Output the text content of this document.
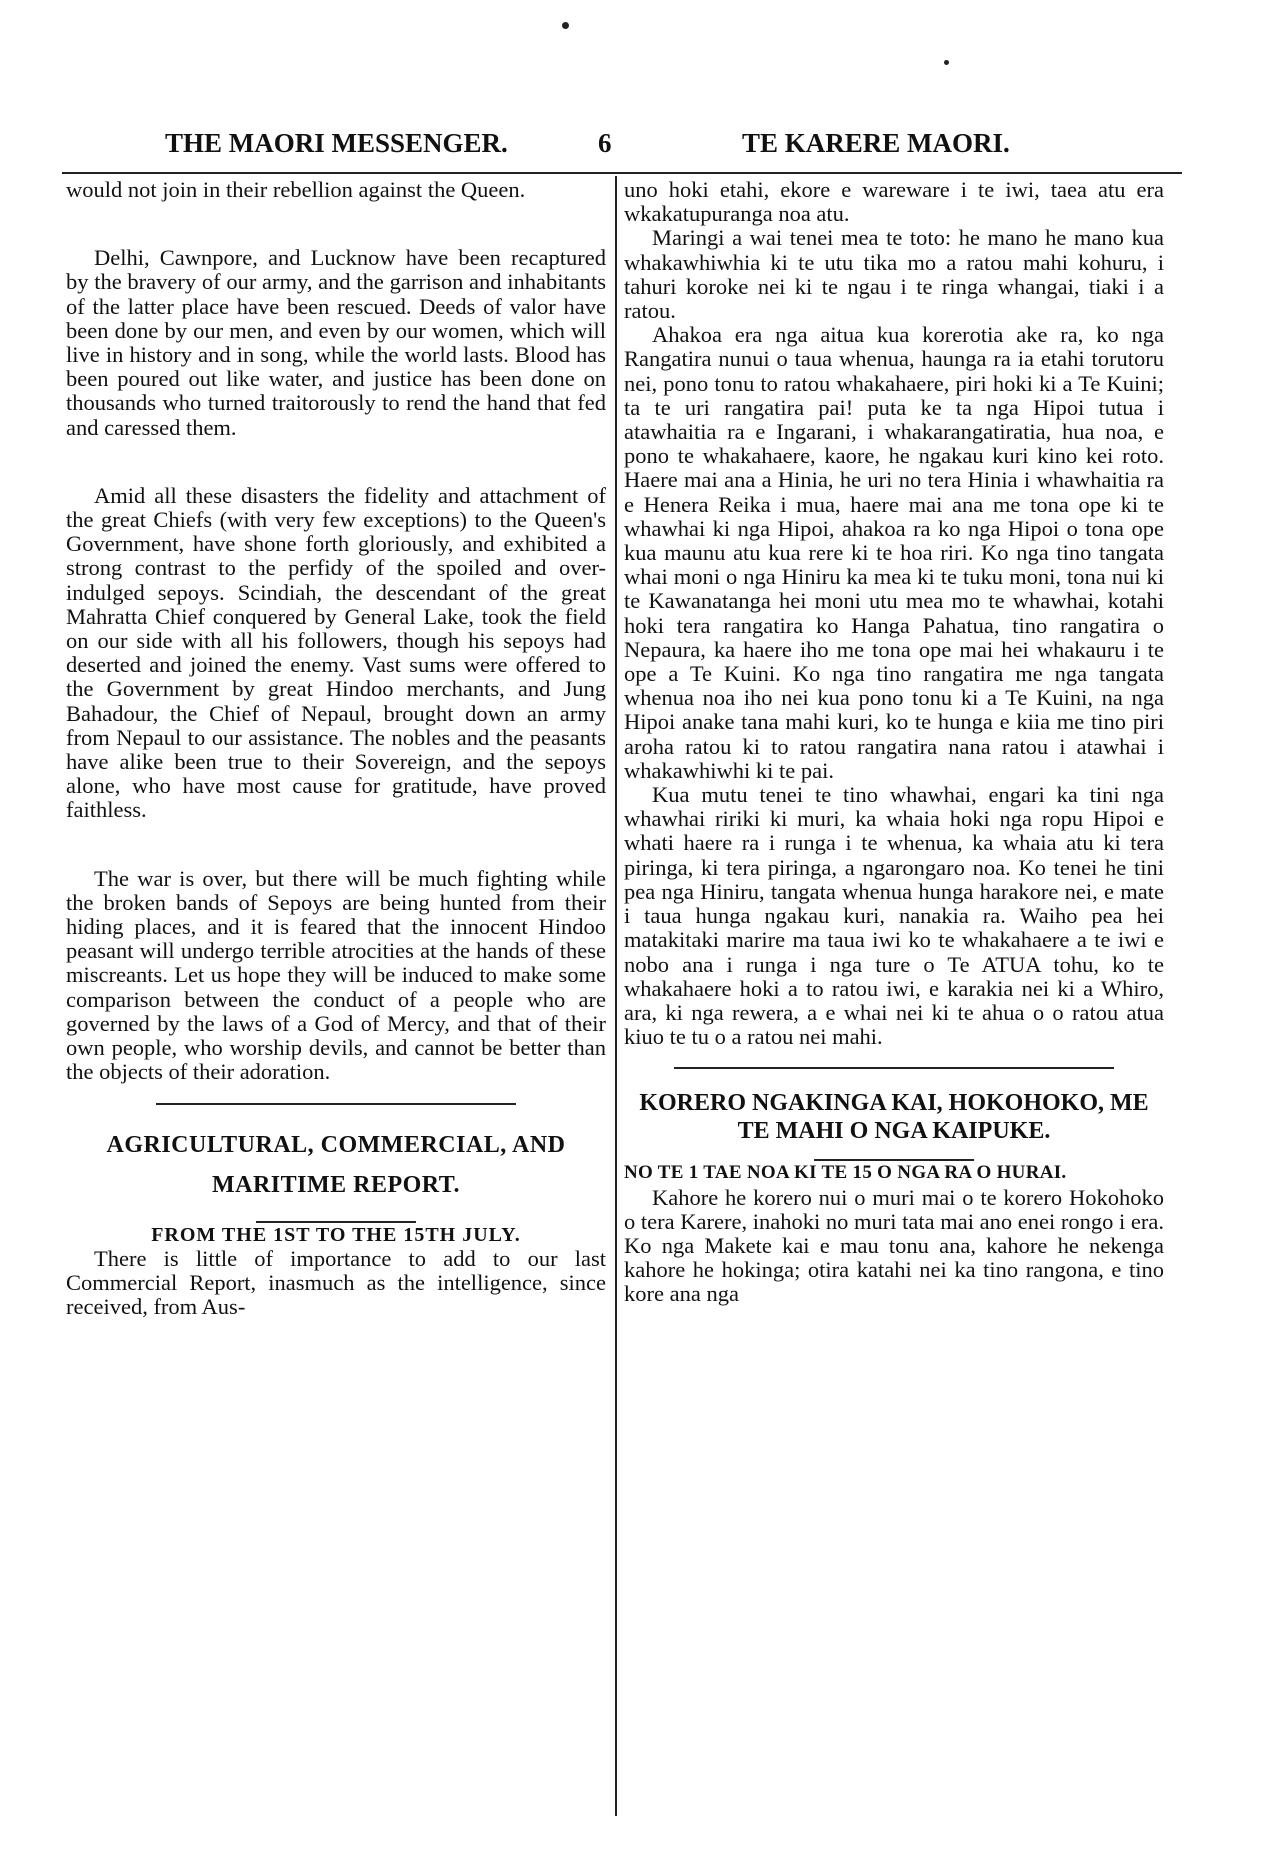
THE MAORI MESSENGER.	6	TE KARERE MAORI.

would not join in their rebellion against the Queen.

Delhi, Cawnpore, and Lucknow have been recaptured by the bravery of our army, and the garrison and inhabitants of the latter place have been rescued. Deeds of valor have been done by our men, and even by our women, which will live in history and in song, while the world lasts. Blood has been poured out like water, and justice has been done on thousands who turned traitorously to rend the hand that fed and caressed them.

Amid all these disasters the fidelity and attachment of the great Chiefs (with very few exceptions) to the Queen's Government, have shone forth gloriously, and exhibited a strong contrast to the perfidy of the spoiled and over-indulged sepoys. Scindiah, the descendant of the great Mahratta Chief conquered by General Lake, took the field on our side with all his followers, though his sepoys had deserted and joined the enemy. Vast sums were offered to the Government by great Hindoo merchants, and Jung Bahadour, the Chief of Nepaul, brought down an army from Nepaul to our assistance. The nobles and the peasants have alike been true to their Sovereign, and the sepoys alone, who have most cause for gratitude, have proved faithless.

The war is over, but there will be much fighting while the broken bands of Sepoys are being hunted from their hiding places, and it is feared that the innocent Hindoo peasant will undergo terrible atrocities at the hands of these miscreants. Let us hope they will be induced to make some comparison between the conduct of a people who are governed by the laws of a God of Mercy, and that of their own people, who worship devils, and cannot be better than the objects of their adoration.

AGRICULTURAL, COMMERCIAL, AND MARITIME REPORT.

FROM THE 1ST TO THE 15TH JULY.

There is little of importance to add to our last Commercial Report, inasmuch as the intelligence, since received, from Aus-

uno hoki etahi, ekore e wareware i te iwi, taea atu era wkakatupuranga noa atu.

Maringi a wai tenei mea te toto: he mano he mano kua whakawhiwhia ki te utu tika mo a ratou mahi kohuru, i tahuri koroke nei ki te ngau i te ringa whangai, tiaki i a ratou.

Ahakoa era nga aitua kua korerotia ake ra, ko nga Rangatira nunui o taua whenua, haunga ra ia etahi torutoru nei, pono tonu to ratou whakahaere, piri hoki ki a Te Kuini; ta te uri rangatira pai! puta ke ta nga Hipoi tutua i atawhaitia ra e Ingarani, i whakarangatiratia, hua noa, e pono te whakahaere, kaore, he ngakau kuri kino kei roto. Haere mai ana a Hinia, he uri no tera Hinia i whawhaitia ra e Henera Reika i mua, haere mai ana me tona ope ki te whawhai ki nga Hipoi, ahakoa ra ko nga Hipoi o tona ope kua maunu atu kua rere ki te hoa riri. Ko nga tino tangata whai moni o nga Hiniru ka mea ki te tuku moni, tona nui ki te Kawanatanga hei moni utu mea mo te whawhai, kotahi hoki tera rangatira ko Hanga Pahatua, tino rangatira o Nepaura, ka haere iho me tona ope mai hei whakauru i te ope a Te Kuini. Ko nga tino rangatira me nga tangata whenua noa iho nei kua pono tonu ki a Te Kuini, na nga Hipoi anake tana mahi kuri, ko te hunga e kiia me tino piri aroha ratou ki to ratou rangatira nana ratou i atawhai i whakawhiwhi ki te pai.

Kua mutu tenei te tino whawhai, engari ka tini nga whawhai ririki ki muri, ka whaia hoki nga ropu Hipoi e whati haere ra i runga i te whenua, ka whaia atu ki tera piringa, ki tera piringa, a ngarongaro noa. Ko tenei he tini pea nga Hiniru, tangata whenua hunga harakore nei, e mate i taua hunga ngakau kuri, nanakia ra. Waiho pea hei matakitaki marire ma taua iwi ko te whakahaere a te iwi e nobo ana i runga i nga ture o Te ATUA tohu, ko te whakahaere hoki a to ratou iwi, e karakia nei ki a Whiro, ara, ki nga rewera, a e whai nei ki te ahua o o ratou atua kiuo te tu o a ratou nei mahi.

KORERO NGAKINGA KAI, HOKOHOKO, ME TE MAHI O NGA KAIPUKE.

NO TE 1 TAE NOA KI TE 15 O NGA RA O HURAI.

Kahore he korero nui o muri mai o te korero Hokohoko o tera Karere, inahoki no muri tata mai ano enei rongo i era. Ko nga Makete kai e mau tonu ana, kahore he nekenga kahore he hokinga; otira katahi nei ka tino rangona, e tino kore ana nga
